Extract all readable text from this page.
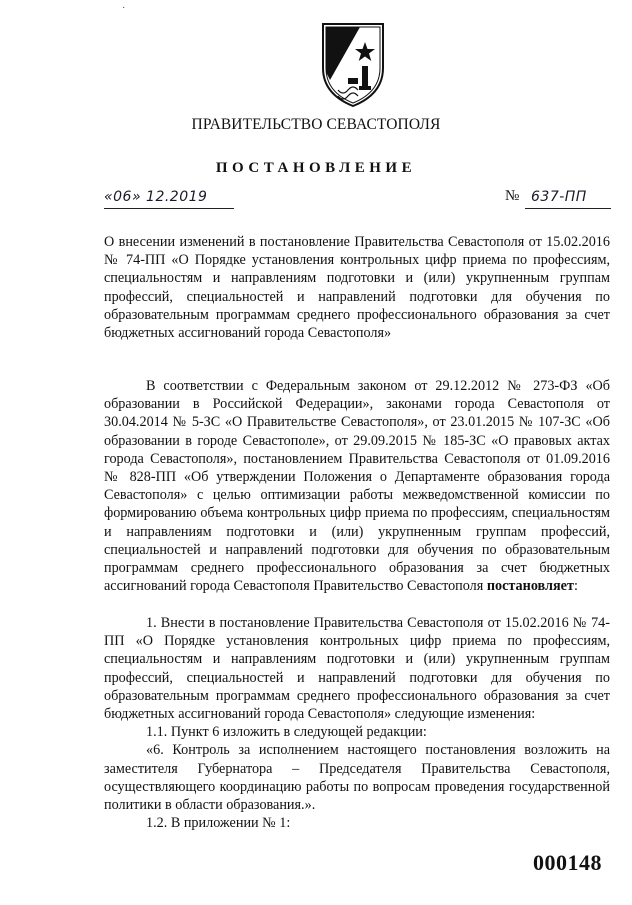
ПРАВИТЕЛЬСТВО СЕВАСТОПОЛЯ
ПОСТАНОВЛЕНИЕ
«06» 12.2019	№ 637-ПП

О внесении изменений в постановление Правительства Севастополя от 15.02.2016 № 74-ПП «О Порядке установления контрольных цифр приема по профессиям, специальностям и направлениям подготовки и (или) укрупненным группам профессий, специальностей и направлений подготовки для обучения по образовательным программам среднего профессионального образования за счет бюджетных ассигнований города Севастополя»

В соответствии с Федеральным законом от 29.12.2012 № 273-ФЗ «Об образовании в Российской Федерации», законами города Севастополя от 30.04.2014 № 5-ЗС «О Правительстве Севастополя», от 23.01.2015 № 107-ЗС «Об образовании в городе Севастополе», от 29.09.2015 № 185-ЗС «О правовых актах города Севастополя», постановлением Правительства Севастополя от 01.09.2016 № 828-ПП «Об утверждении Положения о Департаменте образования города Севастополя» с целью оптимизации работы межведомственной комиссии по формированию объема контрольных цифр приема по профессиям, специальностям и направлениям подготовки и (или) укрупненным группам профессий, специальностей и направлений подготовки для обучения по образовательным программам среднего профессионального образования за счет бюджетных ассигнований города Севастополя Правительство Севастополя постановляет:

1. Внести в постановление Правительства Севастополя от 15.02.2016 № 74-ПП «О Порядке установления контрольных цифр приема по профессиям, специальностям и направлениям подготовки и (или) укрупненным группам профессий, специальностей и направлений подготовки для обучения по образовательным программам среднего профессионального образования за счет бюджетных ассигнований города Севастополя» следующие изменения:

1.1. Пункт 6 изложить в следующей редакции:

«6. Контроль за исполнением настоящего постановления возложить на заместителя Губернатора – Председателя Правительства Севастополя, осуществляющего координацию работы по вопросам проведения государственной политики в области образования.».

1.2. В приложении № 1:

000148
˙
